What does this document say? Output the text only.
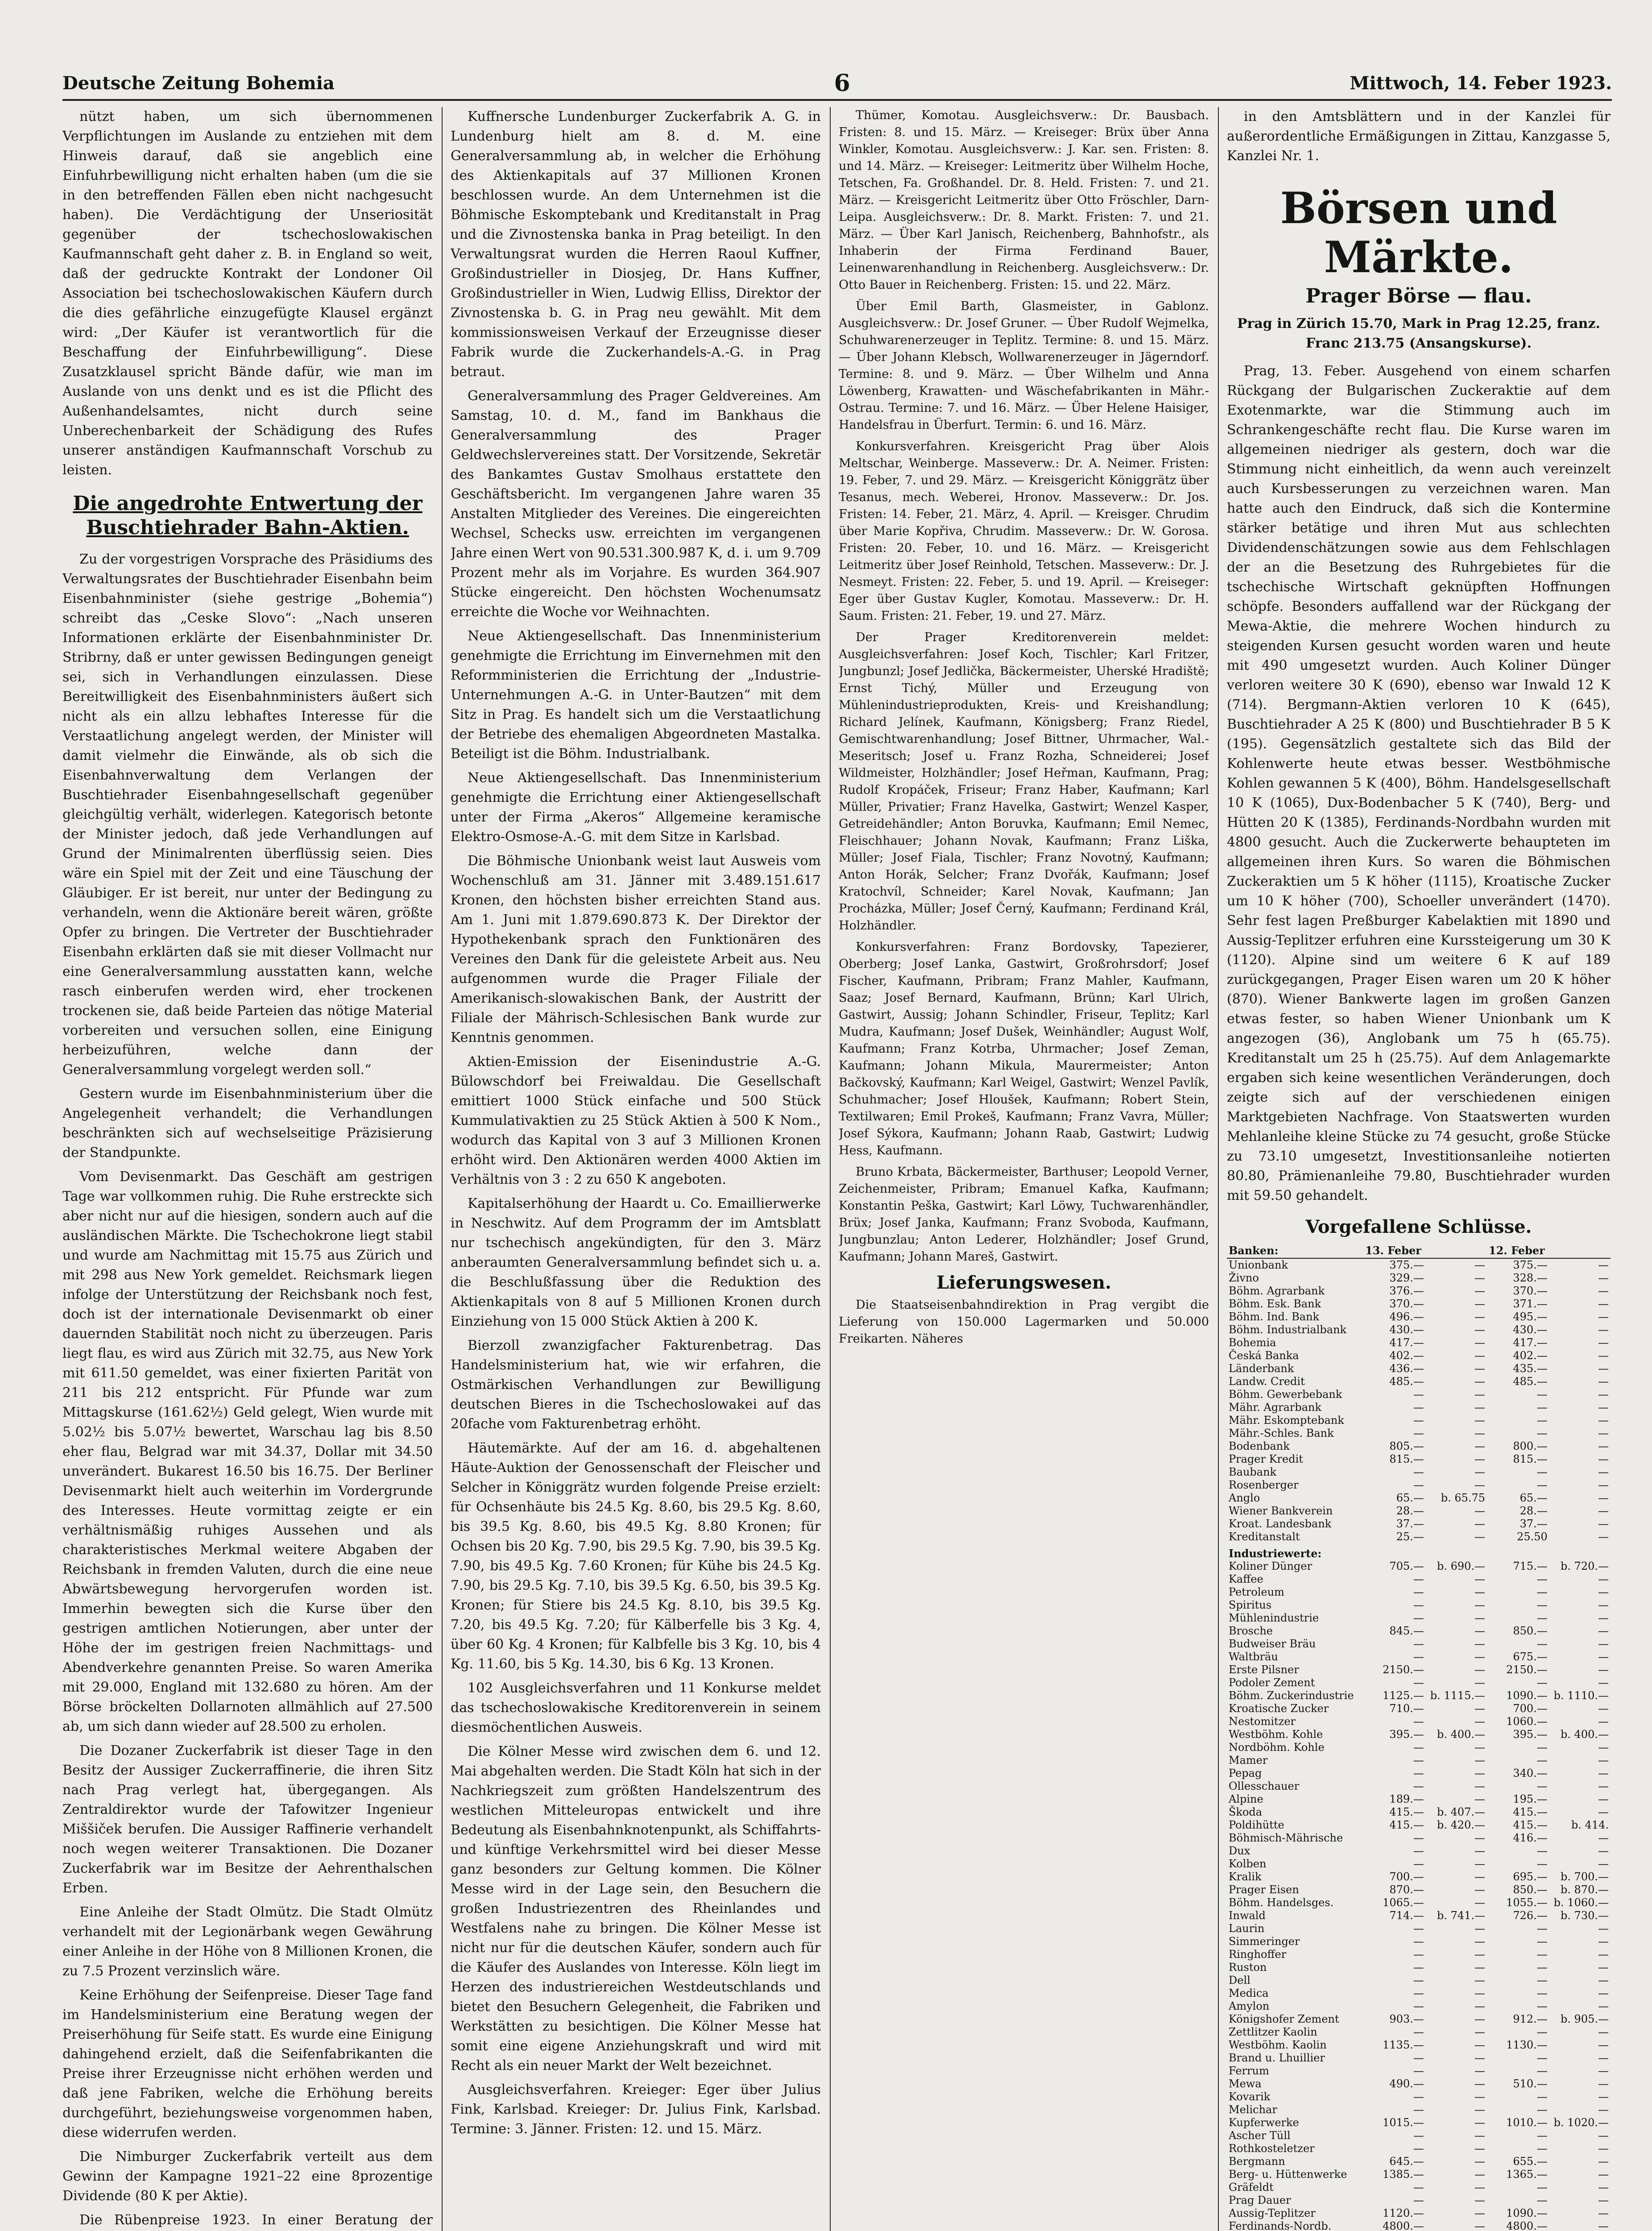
Deutsche Zeitung Bohemia	6	Mittwoch, 14. Feber 1923.

nützt haben, um sich übernommenen Verpflichtungen im Auslande zu entziehen mit dem Hinweis darauf, daß sie angeblich eine Einfuhrbewilligung nicht erhalten haben (um die sie in den betreffenden Fällen eben nicht nachgesucht haben). Die Verdächtigung der Unseriosität gegenüber der tschechoslowakischen Kaufmannschaft geht daher z. B. in England so weit, daß der gedruckte Kontrakt der Londoner Oil Association bei tschechoslowakischen Käufern durch die dies gefährliche einzugefügte Klausel ergänzt wird: „Der Käufer ist verantwortlich für die Beschaffung der Einfuhrbewilligung“. Diese Zusatzklausel spricht Bände dafür, wie man im Auslande von uns denkt und es ist die Pflicht des Außenhandelsamtes, nicht durch seine Unberechenbarkeit der Schädigung des Rufes unserer anständigen Kaufmannschaft Vorschub zu leisten.

Die angedrohte Entwertung der Buschtiehrader Bahn-Aktien.

Zu der vorgestrigen Vorsprache des Präsidiums des Verwaltungsrates der Buschtiehrader Eisenbahn beim Eisenbahnminister (siehe gestrige „Bohemia“) schreibt das „Ceske Slovo“: „Nach unseren Informationen erklärte der Eisenbahnminister Dr. Stribrny, daß er unter gewissen Bedingungen geneigt sei, sich in Verhandlungen einzulassen. Diese Bereitwilligkeit des Eisenbahnministers äußert sich nicht als ein allzu lebhaftes Interesse für die Verstaatlichung angelegt werden, der Minister will damit vielmehr die Einwände, als ob sich die Eisenbahnverwaltung dem Verlangen der Buschtiehrader Eisenbahngesellschaft gegenüber gleichgültig verhält, widerlegen. Kategorisch betonte der Minister jedoch, daß jede Verhandlungen auf Grund der Minimalrenten überflüssig seien. Dies wäre ein Spiel mit der Zeit und eine Täuschung der Gläubiger. Er ist bereit, nur unter der Bedingung zu verhandeln, wenn die Aktionäre bereit wären, größte Opfer zu bringen. Die Vertreter der Buschtiehrader Eisenbahn erklärten daß sie mit dieser Vollmacht nur eine Generalversammlung ausstatten kann, welche rasch einberufen werden wird, eher trockenen trockenen sie, daß beide Parteien das nötige Material vorbereiten und versuchen sollen, eine Einigung herbeizuführen, welche dann der Generalversammlung vorgelegt werden soll.“

Gestern wurde im Eisenbahnministerium über die Angelegenheit verhandelt; die Verhandlungen beschränkten sich auf wechselseitige Präzisierung der Standpunkte.

Vom Devisenmarkt. Das Geschäft am gestrigen Tage war vollkommen ruhig. Die Ruhe erstreckte sich aber nicht nur auf die hiesigen, sondern auch auf die ausländischen Märkte. Die Tschechokrone liegt stabil und wurde am Nachmittag mit 15.75 aus Zürich und mit 298 aus New York gemeldet. Reichsmark liegen infolge der Unterstützung der Reichsbank noch fest, doch ist der internationale Devisenmarkt ob einer dauernden Stabilität noch nicht zu überzeugen. Paris liegt flau, es wird aus Zürich mit 32.75, aus New York mit 611.50 gemeldet, was einer fixierten Parität von 211 bis 212 entspricht. Für Pfunde war zum Mittagskurse (161.62½) Geld gelegt, Wien wurde mit 5.02½ bis 5.07½ bewertet, Warschau lag bis 8.50 eher flau, Belgrad war mit 34.37, Dollar mit 34.50 unverändert. Bukarest 16.50 bis 16.75. Der Berliner Devisenmarkt hielt auch weiterhin im Vordergrunde des Interesses. Heute vormittag zeigte er ein verhältnismäßig ruhiges Aussehen und als charakteristisches Merkmal weitere Abgaben der Reichsbank in fremden Valuten, durch die eine neue Abwärtsbewegung hervorgerufen worden ist. Immerhin bewegten sich die Kurse über den gestrigen amtlichen Notierungen, aber unter der Höhe der im gestrigen freien Nachmittags- und Abendverkehre genannten Preise. So waren Amerika mit 29.000, England mit 132.680 zu hören. Am der Börse bröckelten Dollarnoten allmählich auf 27.500 ab, um sich dann wieder auf 28.500 zu erholen.

Die Dozaner Zuckerfabrik ist dieser Tage in den Besitz der Aussiger Zuckerraffinerie, die ihren Sitz nach Prag verlegt hat, übergegangen. Als Zentraldirektor wurde der Tafowitzer Ingenieur Miššiček berufen. Die Aussiger Raffinerie verhandelt noch wegen weiterer Transaktionen. Die Dozaner Zuckerfabrik war im Besitze der Aehrenthalschen Erben.

Eine Anleihe der Stadt Olmütz. Die Stadt Olmütz verhandelt mit der Legionärbank wegen Gewährung einer Anleihe in der Höhe von 8 Millionen Kronen, die zu 7.5 Prozent verzinslich wäre.

Keine Erhöhung der Seifenpreise. Dieser Tage fand im Handelsministerium eine Beratung wegen der Preiserhöhung für Seife statt. Es wurde eine Einigung dahingehend erzielt, daß die Seifenfabrikanten die Preise ihrer Erzeugnisse nicht erhöhen werden und daß jene Fabriken, welche die Erhöhung bereits durchgeführt, beziehungsweise vorgenommen haben, diese widerrufen werden.

Die Nimburger Zuckerfabrik verteilt aus dem Gewinn der Kampagne 1921–22 eine 8prozentige Dividende (80 K per Aktie).

Die Rübenpreise 1923. In einer Beratung der

Kuffnersche Lundenburger Zuckerfabrik A. G. in Lundenburg hielt am 8. d. M. eine Generalversammlung ab, in welcher die Erhöhung des Aktienkapitals auf 37 Millionen Kronen beschlossen wurde. An dem Unternehmen ist die Böhmische Eskomptebank und Kreditanstalt in Prag und die Zivnostenska banka in Prag beteiligt. In den Verwaltungsrat wurden die Herren Raoul Kuffner, Großindustrieller in Diosjeg, Dr. Hans Kuffner, Großindustrieller in Wien, Ludwig Elliss, Direktor der Zivnostenska b. G. in Prag neu gewählt. Mit dem kommissionsweisen Verkauf der Erzeugnisse dieser Fabrik wurde die Zuckerhandels-A.-G. in Prag betraut.

Generalversammlung des Prager Geldvereines. Am Samstag, 10. d. M., fand im Bankhaus die Generalversammlung des Prager Geldwechslervereines statt. Der Vorsitzende, Sekretär des Bankamtes Gustav Smolhaus erstattete den Geschäftsbericht. Im vergangenen Jahre waren 35 Anstalten Mitglieder des Vereines. Die eingereichten Wechsel, Schecks usw. erreichten im vergangenen Jahre einen Wert von 90.531.300.987 K, d. i. um 9.709 Prozent mehr als im Vorjahre. Es wurden 364.907 Stücke eingereicht. Den höchsten Wochenumsatz erreichte die Woche vor Weihnachten.

Neue Aktiengesellschaft. Das Innenministerium genehmigte die Errichtung im Einvernehmen mit den Reformministerien die Errichtung der „Industrie-Unternehmungen A.-G. in Unter-Bautzen“ mit dem Sitz in Prag. Es handelt sich um die Verstaatlichung der Betriebe des ehemaligen Abgeordneten Mastalka. Beteiligt ist die Böhm. Industrialbank.

Neue Aktiengesellschaft. Das Innenministerium genehmigte die Errichtung einer Aktiengesellschaft unter der Firma „Akeros“ Allgemeine keramische Elektro-Osmose-A.-G. mit dem Sitze in Karlsbad.

Die Böhmische Unionbank weist laut Ausweis vom Wochenschluß am 31. Jänner mit 3.489.151.617 Kronen, den höchsten bisher erreichten Stand aus. Am 1. Juni mit 1.879.690.873 K. Der Direktor der Hypothekenbank sprach den Funktionären des Vereines den Dank für die geleistete Arbeit aus. Neu aufgenommen wurde die Prager Filiale der Amerikanisch-slowakischen Bank, der Austritt der Filiale der Mährisch-Schlesischen Bank wurde zur Kenntnis genommen.

Aktien-Emission der Eisenindustrie A.-G. Bülowschdorf bei Freiwaldau. Die Gesellschaft emittiert 1000 Stück einfache und 500 Stück Kummulativaktien zu 25 Stück Aktien à 500 K Nom., wodurch das Kapital von 3 auf 3 Millionen Kronen erhöht wird. Den Aktionären werden 4000 Aktien im Verhältnis von 3 : 2 zu 650 K angeboten.

Kapitalserhöhung der Haardt u. Co. Emaillierwerke in Neschwitz. Auf dem Programm der im Amtsblatt nur tschechisch angekündigten, für den 3. März anberaumten Generalversammlung befindet sich u. a. die Beschlußfassung über die Reduktion des Aktienkapitals von 8 auf 5 Millionen Kronen durch Einziehung von 15 000 Stück Aktien à 200 K.

Bierzoll zwanzigfacher Fakturenbetrag. Das Handelsministerium hat, wie wir erfahren, die Ostmärkischen Verhandlungen zur Bewilligung deutschen Bieres in die Tschechoslowakei auf das 20fache vom Fakturenbetrag erhöht.

Häutemärkte. Auf der am 16. d. abgehaltenen Häute-Auktion der Genossenschaft der Fleischer und Selcher in Königgrätz wurden folgende Preise erzielt: für Ochsenhäute bis 24.5 Kg. 8.60, bis 29.5 Kg. 8.60, bis 39.5 Kg. 8.60, bis 49.5 Kg. 8.80 Kronen; für Ochsen bis 20 Kg. 7.90, bis 29.5 Kg. 7.90, bis 39.5 Kg. 7.90, bis 49.5 Kg. 7.60 Kronen; für Kühe bis 24.5 Kg. 7.90, bis 29.5 Kg. 7.10, bis 39.5 Kg. 6.50, bis 39.5 Kg. Kronen; für Stiere bis 24.5 Kg. 8.10, bis 39.5 Kg. 7.20, bis 49.5 Kg. 7.20; für Kälberfelle bis 3 Kg. 4, über 60 Kg. 4 Kronen; für Kalbfelle bis 3 Kg. 10, bis 4 Kg. 11.60, bis 5 Kg. 14.30, bis 6 Kg. 13 Kronen.

102 Ausgleichsverfahren und 11 Konkurse meldet das tschechoslowakische Kreditorenverein in seinem diesmöchentlichen Ausweis.

Die Kölner Messe wird zwischen dem 6. und 12. Mai abgehalten werden. Die Stadt Köln hat sich in der Nachkriegszeit zum größten Handelszentrum des westlichen Mitteleuropas entwickelt und ihre Bedeutung als Eisenbahnknotenpunkt, als Schiffahrts- und künftige Verkehrsmittel wird bei dieser Messe ganz besonders zur Geltung kommen. Die Kölner Messe wird in der Lage sein, den Besuchern die großen Industriezentren des Rheinlandes und Westfalens nahe zu bringen. Die Kölner Messe ist nicht nur für die deutschen Käufer, sondern auch für die Käufer des Auslandes von Interesse. Köln liegt im Herzen des industriereichen Westdeutschlands und bietet den Besuchern Gelegenheit, die Fabriken und Werkstätten zu besichtigen. Die Kölner Messe hat somit eine eigene Anziehungskraft und wird mit Recht als ein neuer Markt der Welt bezeichnet.

Ausgleichsverfahren. Kreieger: Eger über Julius Fink, Karlsbad. Kreieger: Dr. Julius Fink, Karlsbad. Termine: 3. Jänner. Fristen: 12. und 15. März.

Thümer, Komotau. Ausgleichsverw.: Dr. Bausbach. Fristen: 8. und 15. März. — Kreiseger: Brüx über Anna Winkler, Komotau. Ausgleichsverw.: J. Kar. sen. Fristen: 8. und 14. März. — Kreiseger: Leitmeritz über Wilhelm Hoche, Tetschen, Fa. Großhandel. Dr. 8. Held. Fristen: 7. und 21. März. — Kreisgericht Leitmeritz über Otto Fröschler, Darn-Leipa. Ausgleichsverw.: Dr. 8. Markt. Fristen: 7. und 21. März. — Über Karl Janisch, Reichenberg, Bahnhofstr., als Inhaberin der Firma Ferdinand Bauer, Leinenwarenhandlung in Reichenberg. Ausgleichsverw.: Dr. Otto Bauer in Reichenberg. Fristen: 15. und 22. März.

Über Emil Barth, Glasmeister, in Gablonz. Ausgleichsverw.: Dr. Josef Gruner. — Über Rudolf Wejmelka, Schuhwarenerzeuger in Teplitz. Termine: 8. und 15. März. — Über Johann Klebsch, Wollwarenerzeuger in Jägerndorf. Termine: 8. und 9. März. — Über Wilhelm und Anna Löwenberg, Krawatten- und Wäschefabrikanten in Mähr.-Ostrau. Termine: 7. und 16. März. — Über Helene Haisiger, Handelsfrau in Überfurt. Termin: 6. und 16. März.

Konkursverfahren. Kreisgericht Prag über Alois Meltschar, Weinberge. Masseverw.: Dr. A. Neimer. Fristen: 19. Feber, 7. und 29. März. — Kreisgericht Königgrätz über Tesanus, mech. Weberei, Hronov. Masseverw.: Dr. Jos. Fristen: 14. Feber, 21. März, 4. April. — Kreisger. Chrudim über Marie Kopřiva, Chrudim. Masseverw.: Dr. W. Gorosa. Fristen: 20. Feber, 10. und 16. März. — Kreisgericht Leitmeritz über Josef Reinhold, Tetschen. Masseverw.: Dr. J. Nesmeyt. Fristen: 22. Feber, 5. und 19. April. — Kreiseger: Eger über Gustav Kugler, Komotau. Masseverw.: Dr. H. Saum. Fristen: 21. Feber, 19. und 27. März.

Der Prager Kreditorenverein meldet: Ausgleichsverfahren: Josef Koch, Tischler; Karl Fritzer, Jungbunzl; Josef Jedlička, Bäckermeister, Uherské Hradiště; Ernst Tichý, Müller und Erzeugung von Mühlenindustrieprodukten, Kreis- und Kreishandlung; Richard Jelínek, Kaufmann, Königsberg; Franz Riedel, Gemischtwarenhandlung; Josef Bittner, Uhrmacher, Wal.-Meseritsch; Josef u. Franz Rozha, Schneiderei; Josef Wildmeister, Holzhändler; Josef Heřman, Kaufmann, Prag; Rudolf Kropáček, Friseur; Franz Haber, Kaufmann; Karl Müller, Privatier; Franz Havelka, Gastwirt; Wenzel Kasper, Getreidehändler; Anton Boruvka, Kaufmann; Emil Nemec, Fleischhauer; Johann Novak, Kaufmann; Franz Liška, Müller; Josef Fiala, Tischler; Franz Novotný, Kaufmann; Anton Horák, Selcher; Franz Dvořák, Kaufmann; Josef Kratochvíl, Schneider; Karel Novak, Kaufmann; Jan Procházka, Müller; Josef Černý, Kaufmann; Ferdinand Král, Holzhändler.

Konkursverfahren: Franz Bordovsky, Tapezierer, Oberberg; Josef Lanka, Gastwirt, Großrohrsdorf; Josef Fischer, Kaufmann, Pribram; Franz Mahler, Kaufmann, Saaz; Josef Bernard, Kaufmann, Brünn; Karl Ulrich, Gastwirt, Aussig; Johann Schindler, Friseur, Teplitz; Karl Mudra, Kaufmann; Josef Dušek, Weinhändler; August Wolf, Kaufmann; Franz Kotrba, Uhrmacher; Josef Zeman, Kaufmann; Johann Mikula, Maurermeister; Anton Bačkovský, Kaufmann; Karl Weigel, Gastwirt; Wenzel Pavlík, Schuhmacher; Josef Hloušek, Kaufmann; Robert Stein, Textilwaren; Emil Prokeš, Kaufmann; Franz Vavra, Müller; Josef Sýkora, Kaufmann; Johann Raab, Gastwirt; Ludwig Hess, Kaufmann.

Bruno Krbata, Bäckermeister, Barthuser; Leopold Verner, Zeichenmeister, Pribram; Emanuel Kafka, Kaufmann; Konstantin Peška, Gastwirt; Karl Löwy, Tuchwarenhändler, Brüx; Josef Janka, Kaufmann; Franz Svoboda, Kaufmann, Jungbunzlau; Anton Lederer, Holzhändler; Josef Grund, Kaufmann; Johann Mareš, Gastwirt.

Lieferungswesen.

Die Staatseisenbahndirektion in Prag vergibt die Lieferung von 150.000 Lagermarken und 50.000 Freikarten. Näheres

in den Amtsblättern und in der Kanzlei für außerordentliche Ermäßigungen in Zittau, Kanzgasse 5, Kanzlei Nr. 1.

Börsen und Märkte.
Prager Börse — flau.
Prag in Zürich 15.70, Mark in Prag 12.25, franz. Franc 213.75 (Ansangskurse).

Prag, 13. Feber. Ausgehend von einem scharfen Rückgang der Bulgarischen Zuckeraktie auf dem Exotenmarkte, war die Stimmung auch im Schrankengeschäfte recht flau. Die Kurse waren im allgemeinen niedriger als gestern, doch war die Stimmung nicht einheitlich, da wenn auch vereinzelt auch Kursbesserungen zu verzeichnen waren. Man hatte auch den Eindruck, daß sich die Kontermine stärker betätige und ihren Mut aus schlechten Dividendenschätzungen sowie aus dem Fehlschlagen der an die Besetzung des Ruhrgebietes für die tschechische Wirtschaft geknüpften Hoffnungen schöpfe. Besonders auffallend war der Rückgang der Mewa-Aktie, die mehrere Wochen hindurch zu steigenden Kursen gesucht worden waren und heute mit 490 umgesetzt wurden. Auch Koliner Dünger verloren weitere 30 K (690), ebenso war Inwald 12 K (714). Bergmann-Aktien verloren 10 K (645), Buschtiehrader A 25 K (800) und Buschtiehrader B 5 K (195). Gegensätzlich gestaltete sich das Bild der Kohlenwerte heute etwas besser. Westböhmische Kohlen gewannen 5 K (400), Böhm. Handelsgesellschaft 10 K (1065), Dux-Bodenbacher 5 K (740), Berg- und Hütten 20 K (1385), Ferdinands-Nordbahn wurden mit 4800 gesucht. Auch die Zuckerwerte behaupteten im allgemeinen ihren Kurs. So waren die Böhmischen Zuckeraktien um 5 K höher (1115), Kroatische Zucker um 10 K höher (700), Schoeller unverändert (1470). Sehr fest lagen Preßburger Kabelaktien mit 1890 und Aussig-Teplitzer erfuhren eine Kurssteigerung um 30 K (1120). Alpine sind um weitere 6 K auf 189 zurückgegangen, Prager Eisen waren um 20 K höher (870). Wiener Bankwerte lagen im großen Ganzen etwas fester, so haben Wiener Unionbank um K angezogen (36), Anglobank um 75 h (65.75). Kreditanstalt um 25 h (25.75). Auf dem Anlagemarkte ergaben sich keine wesentlichen Veränderungen, doch zeigte sich auf der verschiedenen einigen Marktgebieten Nachfrage. Von Staatswerten wurden Mehlanleihe kleine Stücke zu 74 gesucht, große Stücke zu 73.10 umgesetzt, Investitionsanleihe notierten 80.80, Prämienanleihe 79.80, Buschtiehrader wurden mit 59.50 gehandelt.

Vorgefallene Schlüsse.
Banken:	13. Feber		12. Feber	
Unionbank	375.—	—	375.—	—
Živno	329.—	—	328.—	—
Böhm. Agrarbank	376.—	—	370.—	—
Böhm. Esk. Bank	370.—	—	371.—	—
Böhm. Ind. Bank	496.—	—	495.—	—
Böhm. Industrialbank	430.—	—	430.—	—
Bohemia	417.—	—	417.—	—
Česká Banka	402.—	—	402.—	—
Länderbank	436.—	—	435.—	—
Landw. Credit	485.—	—	485.—	—
Böhm. Gewerbebank	—	—	—	—
Mähr. Agrarbank	—	—	—	—
Mähr. Eskomptebank	—	—	—	—
Mähr.-Schles. Bank	—	—	—	—
Bodenbank	805.—	—	800.—	—
Prager Kredit	815.—	—	815.—	—
Baubank	—	—	—	—
Rosenberger	—	—	—	—
Anglo	65.—	b. 65.75	65.—	—
Wiener Bankverein	28.—	—	28.—	—
Kroat. Landesbank	37.—	—	37.—	—
Kreditanstalt	25.—	—	25.50	—
Industriewerte:				
Koliner Dünger	705.—	b. 690.—	715.—	b. 720.—
Kaffee	—	—	—	—
Petroleum	—	—	—	—
Spiritus	—	—	—	—
Mühlenindustrie	—	—	—	—
Brosche	845.—	—	850.—	—
Budweiser Bräu	—	—	—	—
Waltbräu	—	—	675.—	—
Erste Pilsner	2150.—	—	2150.—	—
Podoler Zement	—	—	—	—
Böhm. Zuckerindustrie	1125.—	b. 1115.—	1090.—	b. 1110.—
Kroatische Zucker	710.—	—	700.—	—
Nestomitzer	—	—	1060.—	—
Westböhm. Kohle	395.—	b. 400.—	395.—	b. 400.—
Nordböhm. Kohle	—	—	—	—
Mamer	—	—	—	—
Pepag	—	—	340.—	—
Ollesschauer	—	—	—	—
Alpine	189.—	—	195.—	—
Škoda	415.—	b. 407.—	415.—	—
Poldihütte	415.—	b. 420.—	415.—	b. 414.
Böhmisch-Mährische	—	—	416.—	—
Dux	—	—	—	—
Kolben	—	—	—	—
Kralik	700.—	—	695.—	b. 700.—
Prager Eisen	870.—	—	850.—	b. 870.—
Böhm. Handelsges.	1065.—	—	1055.—	b. 1060.—
Inwald	714.—	b. 741.—	726.—	b. 730.—
Laurin	—	—	—	—
Simmeringer	—	—	—	—
Ringhoffer	—	—	—	—
Ruston	—	—	—	—
Dell	—	—	—	—
Medica	—	—	—	—
Amylon	—	—	—	—
Königshofer Zement	903.—	—	912.—	b. 905.—
Zettlitzer Kaolin	—	—	—	—
Westböhm. Kaolin	1135.—	—	1130.—	—
Brand u. Lhuillier	—	—	—	—
Ferrum	—	—	—	—
Mewa	490.—	—	510.—	—
Kovarik	—	—	—	—
Melichar	—	—	—	—
Kupferwerke	1015.—	—	1010.—	b. 1020.—
Ascher Tüll	—	—	—	—
Rothkosteletzer	—	—	—	—
Bergmann	645.—	—	655.—	—
Berg- u. Hüttenwerke	1385.—	—	1365.—	—
Gräfeldt	—	—	—	—
Prag Dauer	—	—	—	—
Aussig-Teplitzer	1120.—	—	1090.—	—
Ferdinands-Nordb.	4800.—	—	4800.—	—
